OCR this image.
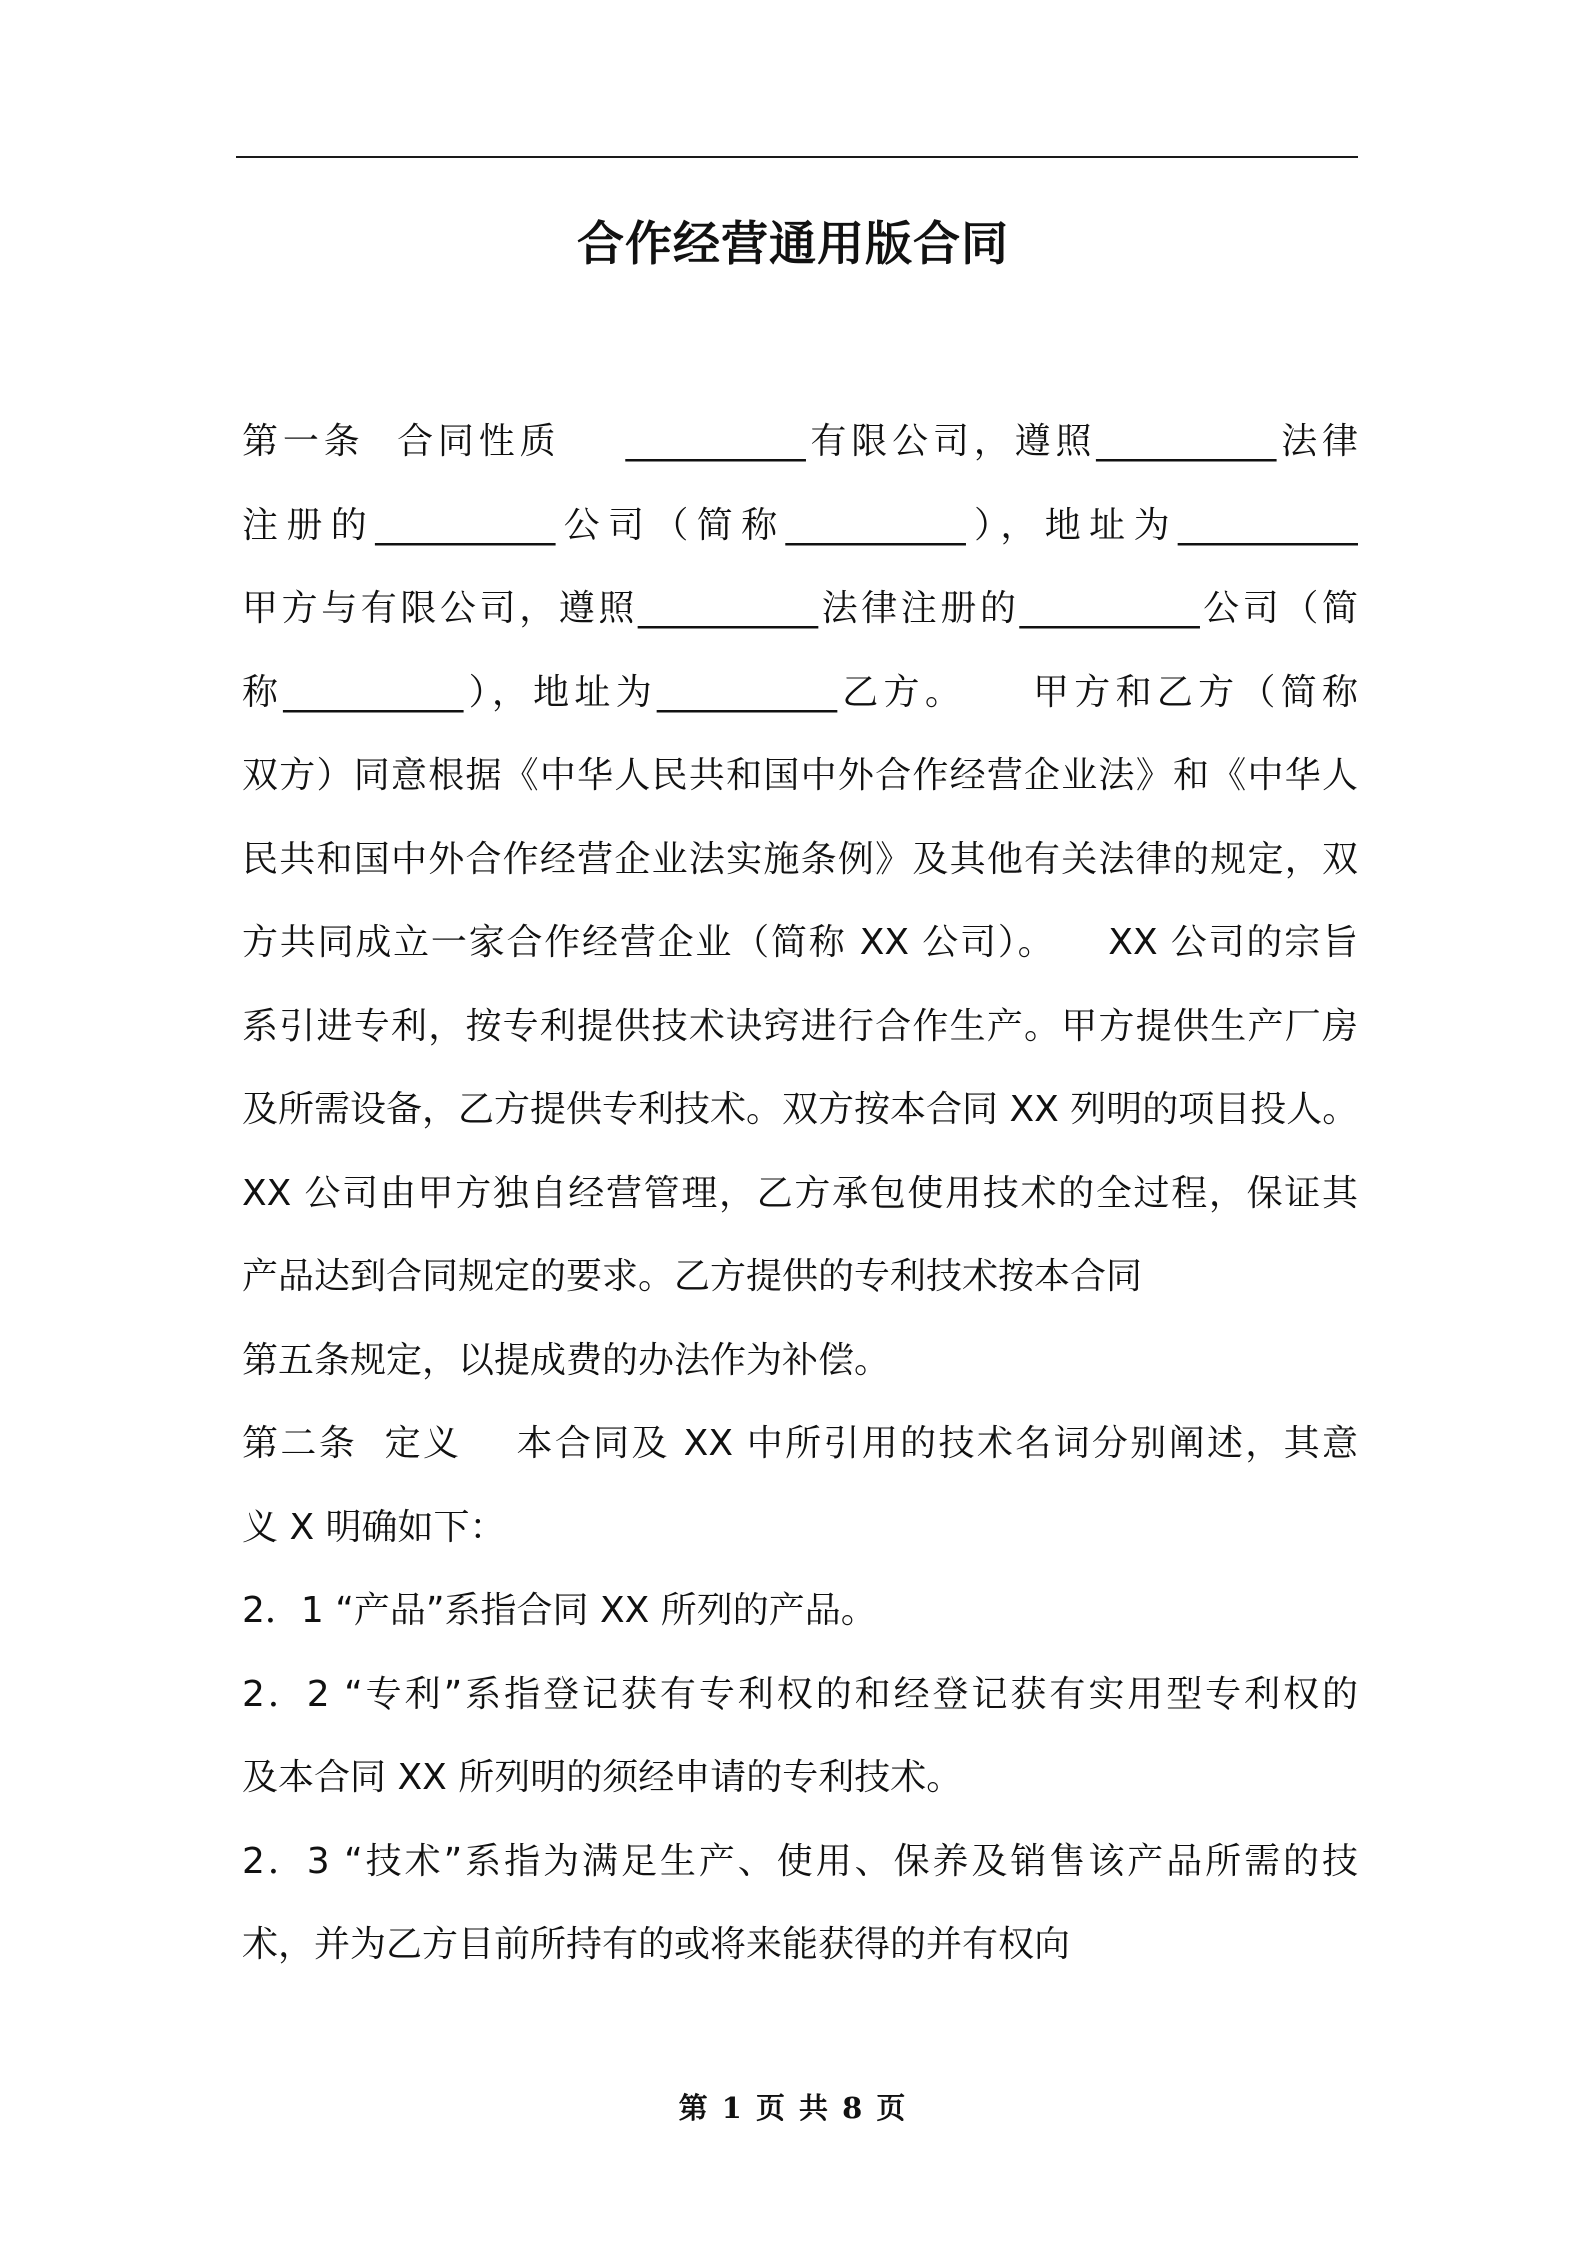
合作经营通用版合同
第一条  合同性质    __________有限公司，遵照__________法律
注册的__________公司（简称__________），地址为__________
甲方与有限公司，遵照__________法律注册的__________公司（简
称__________），地址为__________乙方。    甲方和乙方（简称
双方）同意根据《中华人民共和国中外合作经营企业法》和《中华人
民共和国中外合作经营企业法实施条例》及其他有关法律的规定，双
方共同成立一家合作经营企业（简称 XX 公司）。    XX 公司的宗旨
系引进专利，按专利提供技术诀窍进行合作生产。甲方提供生产厂房
及所需设备，乙方提供专利技术。双方按本合同 XX 列明的项目投人。
XX 公司由甲方独自经营管理，乙方承包使用技术的全过程，保证其
产品达到合同规定的要求。乙方提供的专利技术按本合同
第五条规定，以提成费的办法作为补偿。
第二条  定义    本合同及 XX 中所引用的技术名词分别阐述，其意
义 X 明确如下：
2．1 “产品”系指合同 XX 所列的产品。
2．2 “专利”系指登记获有专利权的和经登记获有实用型专利权的
及本合同 XX 所列明的须经申请的专利技术。
2．3 “技术”系指为满足生产、使用、保养及销售该产品所需的技
术，并为乙方目前所持有的或将来能获得的并有权向
第 1 页 共 8 页
